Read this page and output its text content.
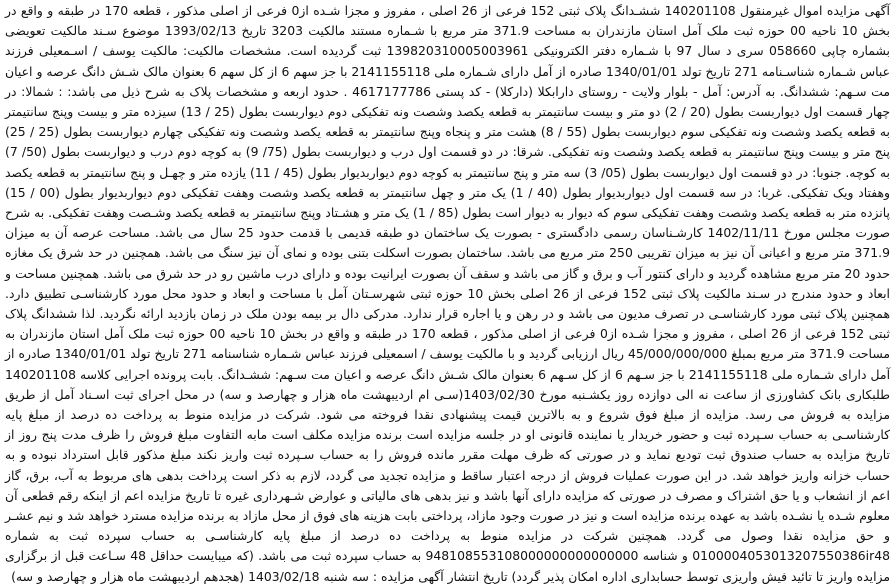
آگهی مزایده اموال غیرمنقول 140201108 ششـدانگ پلاک ثبتی 152 فرعی از 26 اصلی ، مفروز و مجزا شـده از0 فرعی از اصلی مذکور ، قطعه 170 در طبقه و واقع در بخش 10 ناحیه 00 حوزه ثبت ملک آمل استان مازندران به مساحت 371.9 متر مربع با شـماره مستند مالکیت 3203 تاریخ 1393/02/13 موضوع سـند مالکیت تعویضی بشماره چاپی 058660 سری د سال 97 با شـماره دفتر الکترونیکی 139820310005003961 ثبت گردیده است. مشخصات مالکیت: مالکیت یوسف / اسـمعیلی فرزند عباس شـماره شناسـنامه 271 تاریخ تولد 1340/01/01 صادره از آمل دارای شـماره ملی 2141155118 با جز سهم 6 از کل سهم 6 بعنوان مالک شـش دانگ عرصه و اعیان مت سـهم: ششدانگ. به آدرس: آمل - بلوار ولایت - روستای دارابکلا (دارکلا) - کد پستی 4617177786 . حدود اربعه و مشخصات پلاک به شرح ذیل می باشد: : شمالا: در چهار قسمت اول دیواربست بطول (20 / 2) دو متر و بیست سانتیمتر به قطعه یکصد وشصت ونه تفکیکی دوم دیواربست بطول (25 / 13) سیزده متر و بیست وپنج سانتیمتر به قطعه یکصد وشصت ونه تفکیکی سوم دیواربست بطول (55 / 8) هشت متر و پنجاه وپنج سانتیمتر به قطعه یکصد وشصت ونه تفکیکی چهارم دیواربست بطول (25 / 25) پنج متر و بیست وپنج سانتیمتر به قطعه یکصد وشصت ونه تفکیکی. شرقا: در دو قسمت اول درب و دیواربست بطول (75/ 9) به کوچه دوم درب و دیواربست بطول (50/ 7) به کوچه. جنوبا: در دو قسمت اول دیواربست بطول (05/ 3) سه متر و پنج سانتیمتر به کوچه دوم دیواربدیوار بطول (45 / 11) یازده متر و چهـل و پنج سانتیمتر به قطعه یکصد وهفتاد ویک تفکیکی. غربا: در سه قسمت اول دیواربدیوار بطول (40 / 1) یک متر و چهل سانتیمتر به قطعه یکصد وشصت وهفت تفکیکی دوم دیواربدیوار بطول (00 / 15) پانزده متر به قطعه یکصد وشصت وهفت تفکیکی سوم که دیوار به دیوار است بطول (85 / 1) یک متر و هشـتاد وپنج سانتیمتر به قطعه یکصد وشـصت وهفت تفکیکی. به شرح صورت مجلس مورخ 1402/11/11 کارشـناسان رسمی دادگستری - بصورت یک ساختمان دو طبقه قدیمی با قدمت حدود 25 سال می باشد. مساحت عرصه آن به میزان 371.9 متر مربع و اعیانی آن نیز به میزان تقریبی 250 متر مربع می باشد. ساختمان بصورت اسکلت بتنی بوده و نمای آن نیز سنگ می باشد. همچنین در حد شرق یک مغازه حدود 20 متر مربع مشاهده گردید و دارای کنتور آب و برق و گاز می باشد و سقف آن بصورت ایرانیت بوده و دارای درب ماشین رو در حد شرق می باشد. همچنین مساحت و ابعاد و حدود مندرج در سـند مالکیت پلاک ثبتی 152 فرعی از 26 اصلی بخش 10 حوزه ثبتی شهرسـتان آمل با مساحت و ابعاد و حدود محل مورد کارشناسـی تطبیق دارد. همچنین پلاک ثبتی مورد کارشناسـی در تصرف مدیون می باشد و در رهن و یا اجاره قرار ندارد. مدرکی دال بر بیمه بودن ملک در زمان بازدید ارائه نگردید. لذا ششدانگ پلاک ثبتی 152 فرعی از 26 اصلی ، مفروز و مجزا شـده از0 فرعی از اصلی مذکور ، قطعه 170 در طبقه و واقع در بخش 10 ناحیه 00 حوزه ثبت ملک آمل استان مازندران به مساحت 371.9 متر مربع بمبلغ 45/000/000/000 ریال ارزیابی گردید و با مالکیت یوسف / اسمعیلی فرزند عباس شـماره شناسنامه 271 تاریخ تولد 1340/01/01 صادره از آمل دارای شـماره ملی 2141155118 با جز سـهم 6 از کل سـهم 6 بعنوان مالک شـش دانگ عرصه و اعیان مت سـهم: ششـدانگ. بابت پرونده اجرایی کلاسه 140201108 طلبکاری بانک کشاورزی از ساعت نه الی دوازده روز یکشـنبه مورخ 1403/02/30(سـی ام اردیبهشت ماه هزار و چهارصد و سه) در محل اجرای ثبت اسـناد آمل از طریق مزایده به فروش می رسد. مزایده از مبلغ فوق شروع و به بالاترین قیمت پیشنهادی نقدا فروخته می شود. شرکت در مزایده منوط به پرداخت ده درصد از مبلغ پایه کارشناسـی به حساب سـپرده ثبت و حضور خریدار یا نماینده قانونی او در جلسه مزایده است برنده مزایده مکلف است مابه التفاوت مبلغ فروش را ظرف مدت پنج روز از تاریخ مزایده به حساب صندوق ثبت تودیع نماید و در صورتی که ظرف مهلت مقرر مانده فروش را به حساب سـپرده ثبت واریز نکند مبلغ مذکور قابل استرداد نبوده و به حساب خزانه واریز خواهد شد. در این صورت عملیات فروش از درجه اعتبار ساقط و مزایده تجدید می گردد، لازم به ذکر است پرداخت بدهی های مربوط به آب، برق، گاز اعم از انشعاب و یا حق اشتراک و مصرف در صورتی که مزایده دارای آنها باشد و نیز بدهی های مالیاتی و عوارض شـهرداری غیره تا تاریخ مزایده اعم از اینکه رقم قطعی آن معلوم شـده یا نشـده باشد به عهده برنده مزایده است و نیز در صورت وجود مازاد، پرداختی بابت هزینه های فوق از محل مازاد به برنده مزایده مسترد خواهد شد و نیم عشـر و حق مزایده نقدا وصول می گردد. همچنین شرکت در مزایده منوط به پرداخت ده درصد از مبلغ پایه کارشناسـی به حساب سپرده ثبت به شماره 0100004053013207550386ir48 و شناسه 948108553108000000000000000 به حساب سپرده ثبت می باشد. (که میبایست حداقل 48 سـاعت قبل از برگزاری مزایده واریز تا تائید فیش واریزی توسط حسابداری اداره امکان پذیر گردد) تاریخ انتشار آگهی مزایده : سه شنبه 1403/02/18 (هجدهم اردیبهشت ماه هزار و چهارصد و سه)
